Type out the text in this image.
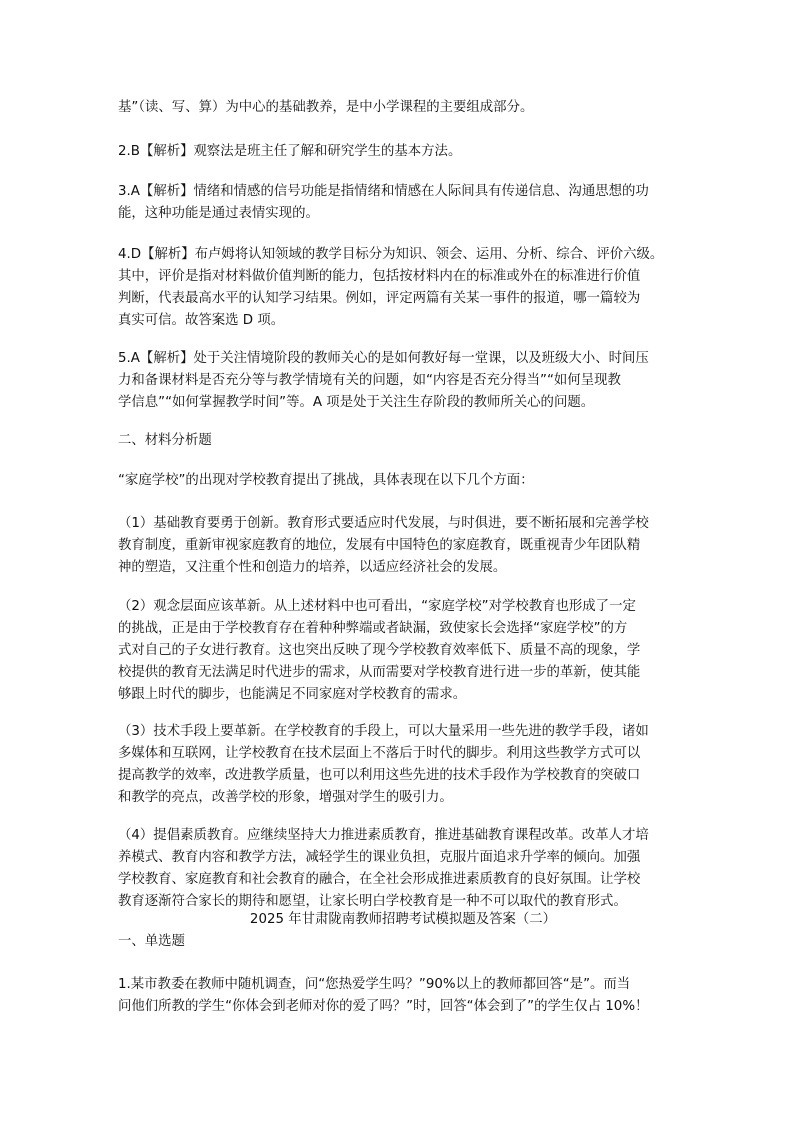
基”（读、写、算）为中心的基础教养，是中小学课程的主要组成部分。
2.B【解析】观察法是班主任了解和研究学生的基本方法。
3.A【解析】情绪和情感的信号功能是指情绪和情感在人际间具有传递信息、沟通思想的功
能，这种功能是通过表情实现的。
4.D【解析】布卢姆将认知领域的教学目标分为知识、领会、运用、分析、综合、评价六级。
其中，评价是指对材料做价值判断的能力，包括按材料内在的标准或外在的标准进行价值
判断，代表最高水平的认知学习结果。例如，评定两篇有关某一事件的报道，哪一篇较为
真实可信。故答案选 D 项。
5.A【解析】处于关注情境阶段的教师关心的是如何教好每一堂课，以及班级大小、时间压
力和备课材料是否充分等与教学情境有关的问题，如“内容是否充分得当”“如何呈现教
学信息”“如何掌握教学时间”等。A 项是处于关注生存阶段的教师所关心的问题。
二、材料分析题
“家庭学校”的出现对学校教育提出了挑战，具体表现在以下几个方面：
（1）基础教育要勇于创新。教育形式要适应时代发展，与时俱进，要不断拓展和完善学校
教育制度，重新审视家庭教育的地位，发展有中国特色的家庭教育，既重视青少年团队精
神的塑造，又注重个性和创造力的培养，以适应经济社会的发展。
（2）观念层面应该革新。从上述材料中也可看出，“家庭学校”对学校教育也形成了一定
的挑战，正是由于学校教育存在着种种弊端或者缺漏，致使家长会选择“家庭学校”的方
式对自己的子女进行教育。这也突出反映了现今学校教育效率低下、质量不高的现象，学
校提供的教育无法满足时代进步的需求，从而需要对学校教育进行进一步的革新，使其能
够跟上时代的脚步，也能满足不同家庭对学校教育的需求。
（3）技术手段上要革新。在学校教育的手段上，可以大量采用一些先进的教学手段，诸如
多媒体和互联网，让学校教育在技术层面上不落后于时代的脚步。利用这些教学方式可以
提高教学的效率，改进教学质量，也可以利用这些先进的技术手段作为学校教育的突破口
和教学的亮点，改善学校的形象，增强对学生的吸引力。
（4）提倡素质教育。应继续坚持大力推进素质教育，推进基础教育课程改革。改革人才培
养模式、教育内容和教学方法，减轻学生的课业负担，克服片面追求升学率的倾向。加强
学校教育、家庭教育和社会教育的融合，在全社会形成推进素质教育的良好氛围。让学校
教育逐渐符合家长的期待和愿望，让家长明白学校教育是一种不可以取代的教育形式。
2025 年甘肃陇南教师招聘考试模拟题及答案（二）
一、单选题
1.某市教委在教师中随机调查，问“您热爱学生吗？”90%以上的教师都回答“是”。而当
问他们所教的学生“你体会到老师对你的爱了吗？”时，回答“体会到了”的学生仅占 10%！
